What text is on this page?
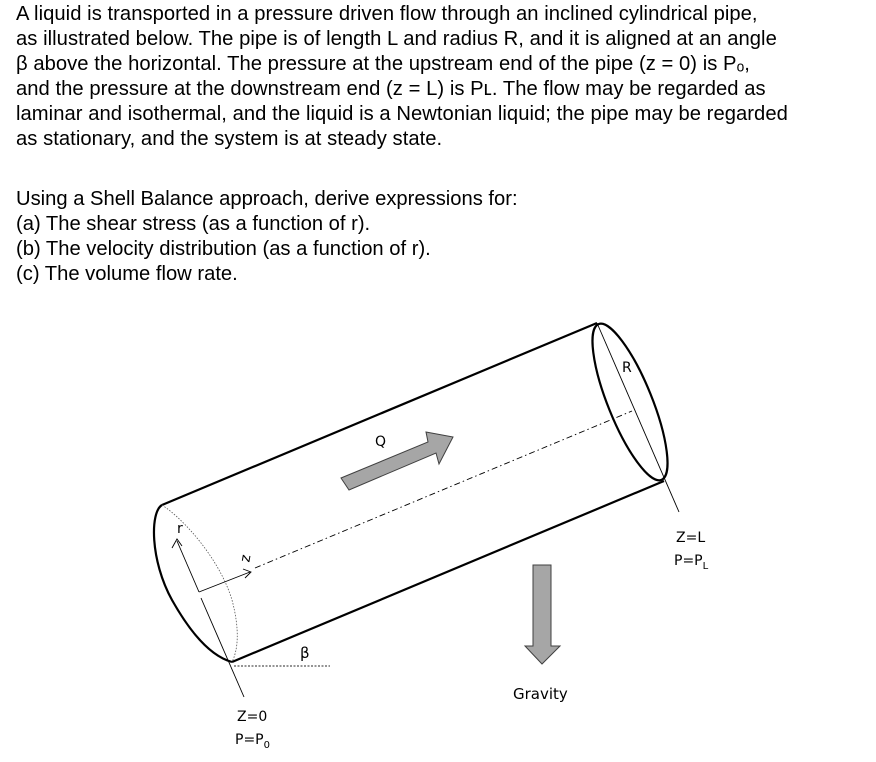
A liquid is transported in a pressure driven flow through an inclined cylindrical pipe,
as illustrated below. The pipe is of length L and radius R, and it is aligned at an angle
β above the horizontal. The pressure at the upstream end of the pipe (z = 0) is Pₒ,
and the pressure at the downstream end (z = L) is Pʟ. The flow may be regarded as
laminar and isothermal, and the liquid is a Newtonian liquid; the pipe may be regarded
as stationary, and the system is at steady state.
Using a Shell Balance approach, derive expressions for:
(a) The shear stress (as a function of r).
(b) The velocity distribution (as a function of r).
(c) The volume flow rate.
R
r
z
β
Q
Gravity
Z=0
$P=P_0$
Z=L
$P=P_L$
